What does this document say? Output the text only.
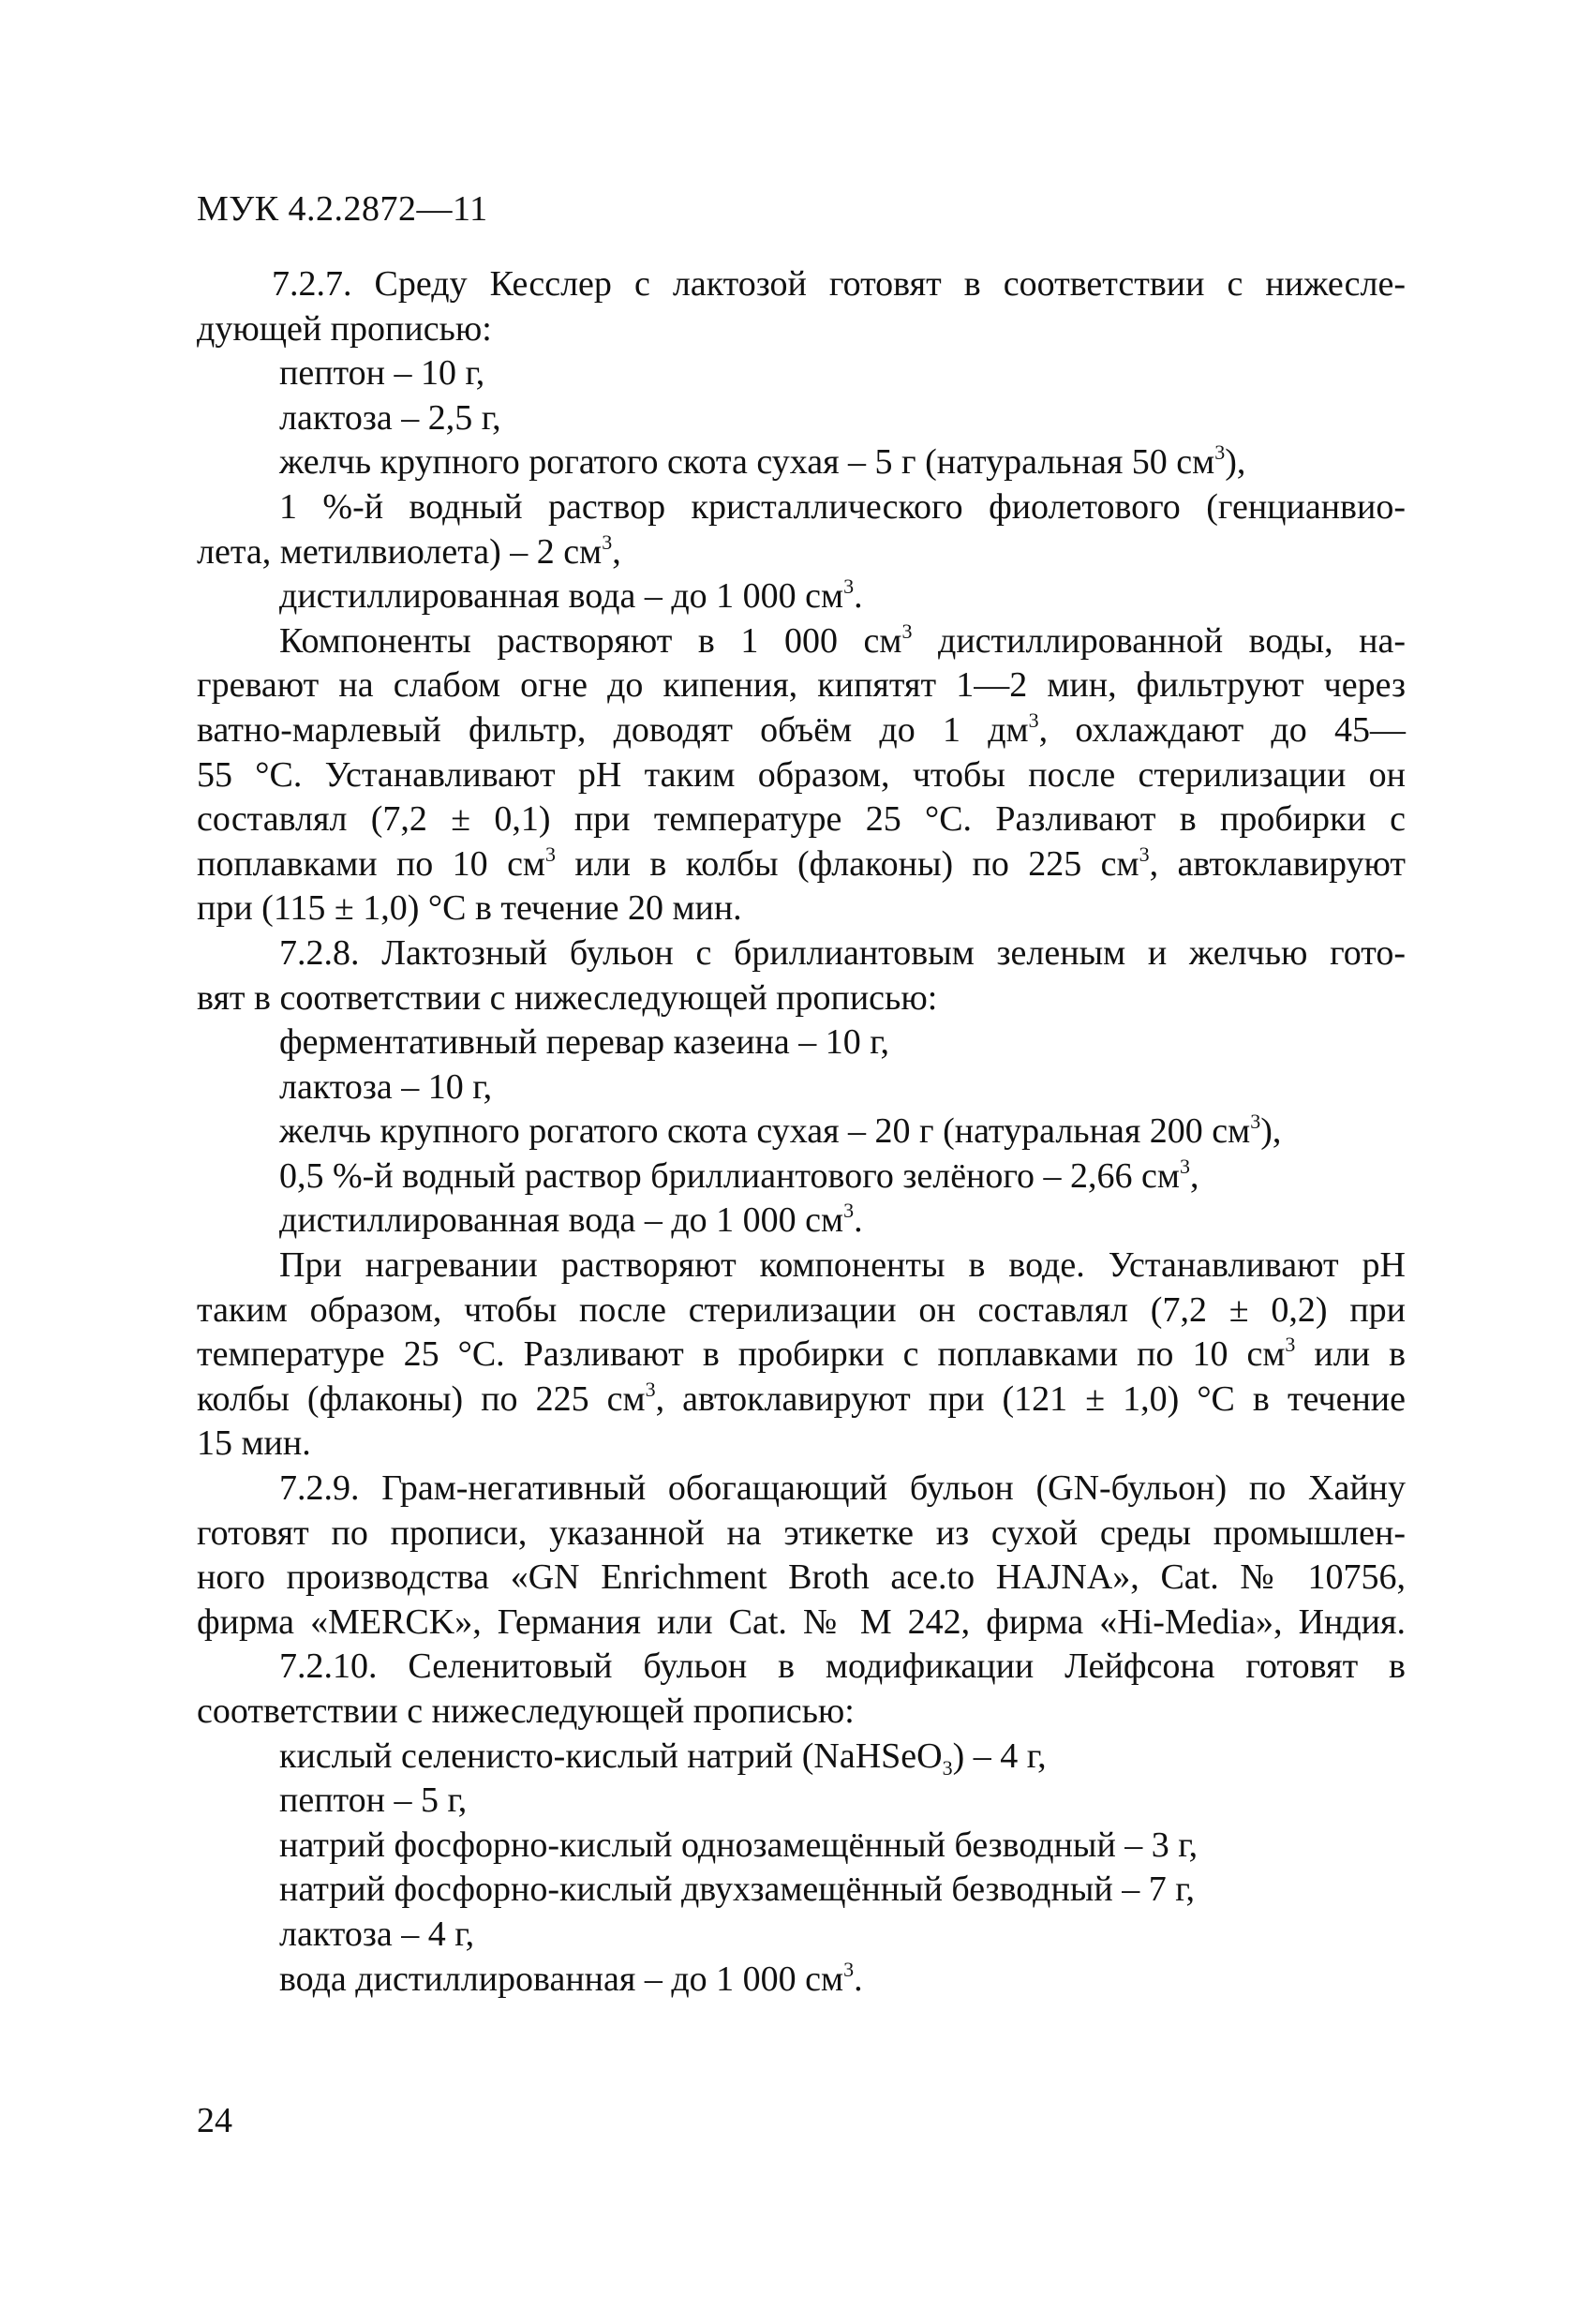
МУК 4.2.2872—11
7.2.7. Среду Кесслер с лактозой готовят в соответствии с нижесле-
дующей прописью:
пептон – 10 г,
лактоза – 2,5 г,
желчь крупного рогатого скота сухая – 5 г (натуральная 50 $см^3$),
1 %-й водный раствор кристаллического фиолетового (генцианвио-
лета, метилвиолета) – 2 $см^3$,
дистиллированная вода – до 1 000 $см^3$.
Компоненты растворяют в 1 000 $см^3$ дистиллированной воды, на-
гревают на слабом огне до кипения, кипятят 1—2 мин, фильтруют через
ватно-марлевый фильтр, доводят объём до 1 $дм^3$, охлаждают до 45—
55 °С. Устанавливают рН таким образом, чтобы после стерилизации он
составлял (7,2 ± 0,1) при температуре 25 °С. Разливают в пробирки с
поплавками по 10 $см^3$ или в колбы (флаконы) по 225 $см^3$, автоклавируют
при (115 ± 1,0) °С в течение 20 мин.
7.2.8. Лактозный бульон с бриллиантовым зеленым и желчью гото-
вят в соответствии с нижеследующей прописью:
ферментативный перевар казеина – 10 г,
лактоза – 10 г,
желчь крупного рогатого скота сухая – 20 г (натуральная 200 $см^3$),
0,5 %-й водный раствор бриллиантового зелёного – 2,66 $см^3$,
дистиллированная вода – до 1 000 $см^3$.
При нагревании растворяют компоненты в воде. Устанавливают рН
таким образом, чтобы после стерилизации он составлял (7,2 ± 0,2) при
температуре 25 °С. Разливают в пробирки с поплавками по 10 $см^3$ или в
колбы (флаконы) по 225 $см^3$, автоклавируют при (121 ± 1,0) °С в течение
15 мин.
7.2.9. Грам-негативный обогащающий бульон (GN-бульон) по Хайну
готовят по прописи, указанной на этикетке из сухой среды промышлен-
ного производства «GN Enrichment Broth ace.to HAJNA», Cat. № 10756,
фирма «MERCK», Германия или Cat. № M 242, фирма «Hi-Media», Индия.
7.2.10. Селенитовый бульон в модификации Лейфсона готовят в
соответствии с нижеследующей прописью:
кислый селенисто-кислый натрий (NaHSeO$_3$) – 4 г,
пептон – 5 г,
натрий фосфорно-кислый однозамещённый безводный – 3 г,
натрий фосфорно-кислый двухзамещённый безводный – 7 г,
лактоза – 4 г,
вода дистиллированная – до 1 000 $см^3$.
24
